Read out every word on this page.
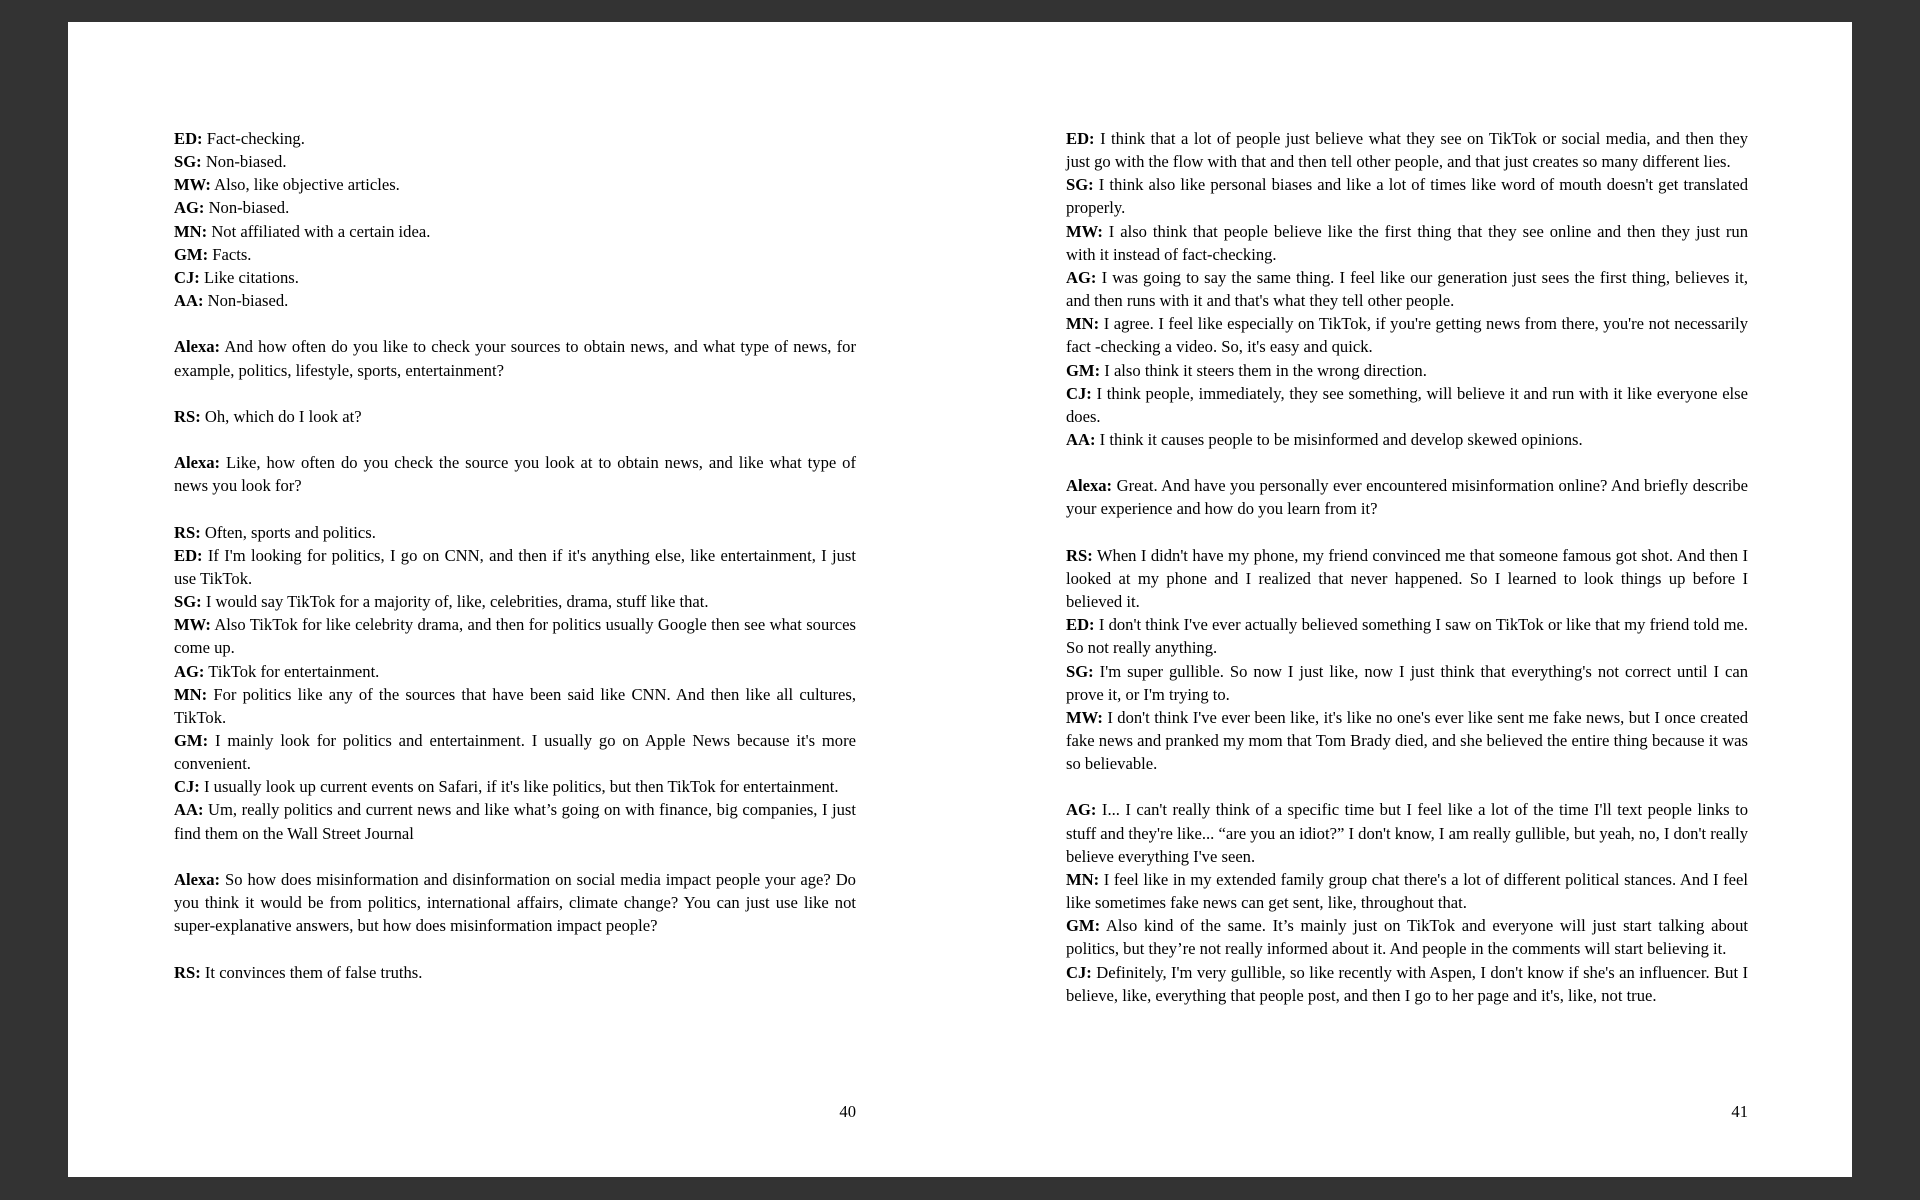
ED: Fact-checking.
SG: Non-biased.
MW: Also, like objective articles.
AG: Non-biased.
MN: Not affiliated with a certain idea.
GM: Facts.
CJ: Like citations.
AA: Non-biased.
Alexa: And how often do you like to check your sources to obtain news, and what type of news, for example, politics, lifestyle, sports, entertainment?
RS: Oh, which do I look at?
Alexa: Like, how often do you check the source you look at to obtain news, and like what type of news you look for?
RS: Often, sports and politics.
ED: If I'm looking for politics, I go on CNN, and then if it's anything else, like entertainment, I just use TikTok.
SG: I would say TikTok for a majority of, like, celebrities, drama, stuff like that.
MW: Also TikTok for like celebrity drama, and then for politics usually Google then see what sources come up.
AG: TikTok for entertainment.
MN: For politics like any of the sources that have been said like CNN. And then like all cultures, TikTok.
GM: I mainly look for politics and entertainment. I usually go on Apple News because it's more convenient.
CJ: I usually look up current events on Safari, if it's like politics, but then TikTok for entertainment.
AA: Um, really politics and current news and like what’s going on with finance, big companies, I just find them on the Wall Street Journal
Alexa: So how does misinformation and disinformation on social media impact people your age? Do you think it would be from politics, international affairs, climate change? You can just use like not super-explanative answers, but how does misinformation impact people?
RS: It convinces them of false truths.
40
ED: I think that a lot of people just believe what they see on TikTok or social media, and then they just go with the flow with that and then tell other people, and that just creates so many different lies.
SG: I think also like personal biases and like a lot of times like word of mouth doesn't get translated properly.
MW: I also think that people believe like the first thing that they see online and then they just run with it instead of fact-checking.
AG: I was going to say the same thing. I feel like our generation just sees the first thing, believes it, and then runs with it and that's what they tell other people.
MN: I agree. I feel like especially on TikTok, if you're getting news from there, you're not necessarily fact -checking a video. So, it's easy and quick.
GM: I also think it steers them in the wrong direction.
CJ: I think people, immediately, they see something, will believe it and run with it like everyone else does.
AA: I think it causes people to be misinformed and develop skewed opinions.
Alexa: Great. And have you personally ever encountered misinformation online? And briefly describe your experience and how do you learn from it?
RS: When I didn't have my phone, my friend convinced me that someone famous got shot. And then I looked at my phone and I realized that never happened. So I learned to look things up before I believed it.
ED: I don't think I've ever actually believed something I saw on TikTok or like that my friend told me. So not really anything.
SG: I'm super gullible. So now I just like, now I just think that everything's not correct until I can prove it, or I'm trying to.
MW: I don't think I've ever been like, it's like no one's ever like sent me fake news, but I once created fake news and pranked my mom that Tom Brady died, and she believed the entire thing because it was so believable.
AG: I... I can't really think of a specific time but I feel like a lot of the time I'll text people links to stuff and they're like... “are you an idiot?” I don't know, I am really gullible, but yeah, no, I don't really believe everything I've seen.
MN: I feel like in my extended family group chat there's a lot of different political stances. And I feel like sometimes fake news can get sent, like, throughout that.
GM: Also kind of the same. It’s mainly just on TikTok and everyone will just start talking about politics, but they’re not really informed about it. And people in the comments will start believing it.
CJ: Definitely, I'm very gullible, so like recently with Aspen, I don't know if she's an influencer. But I believe, like, everything that people post, and then I go to her page and it's, like, not true.
41
